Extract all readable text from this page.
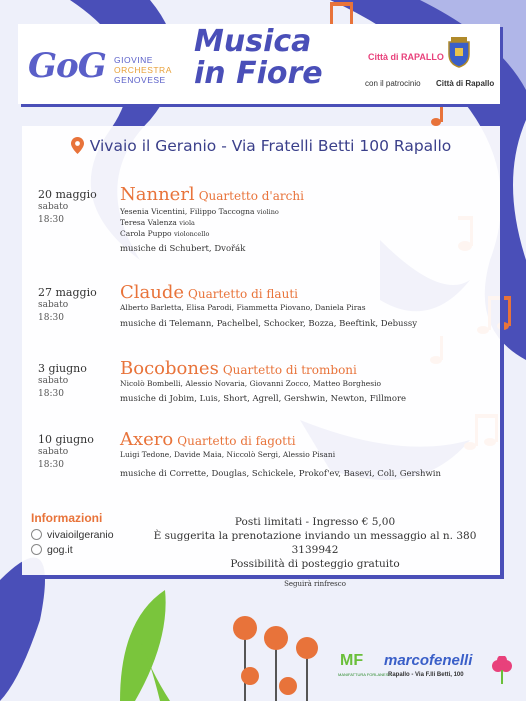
GoG GIOVINE
ORCHESTRA
GENOVESE
Musica
in Fiore	Città di RAPALLO
con il patrocinio Città di Rapallo
Vivaio il Geranio - Via Fratelli Betti 100 Rapallo
20 maggio
sabato
18:30
Nannerl Quartetto d'archi
Yesenia Vicentini, Filippo Taccogna violino
Teresa Valenza viola
Carola Puppo violoncello
musiche di Schubert, Dvořák
27 maggio
sabato
18:30
Claude Quartetto di flauti
Alberto Barletta, Elisa Parodi, Fiammetta Piovano, Daniela Piras
musiche di Telemann, Pachelbel, Schocker, Bozza, Beeftink, Debussy
3 giugno
sabato
18:30
Bocobones Quartetto di tromboni
Nicolò Bombelli, Alessio Novaria, Giovanni Zocco, Matteo Borghesio
musiche di Jobim, Luis, Short, Agrell, Gershwin, Newton, Fillmore
10 giugno
sabato
18:30
Axero Quartetto di fagotti
Luigi Tedone, Davide Maia, Niccolò Sergi, Alessio Pisani
musiche di Corrette, Douglas, Schickele, Prokof'ev, Basevi, Coli, Gershwin
Informazioni
vivaioilgeranio
gog.it
Posti limitati - Ingresso € 5,00
È suggerita la prenotazione inviando un messaggio al n. 380 3139942
Possibilità di posteggio gratuito
Seguirà rinfresco
MF
MANIFATTURA FORLANESE
marcofenelli
Rapallo - Via F.lli Betti, 100
